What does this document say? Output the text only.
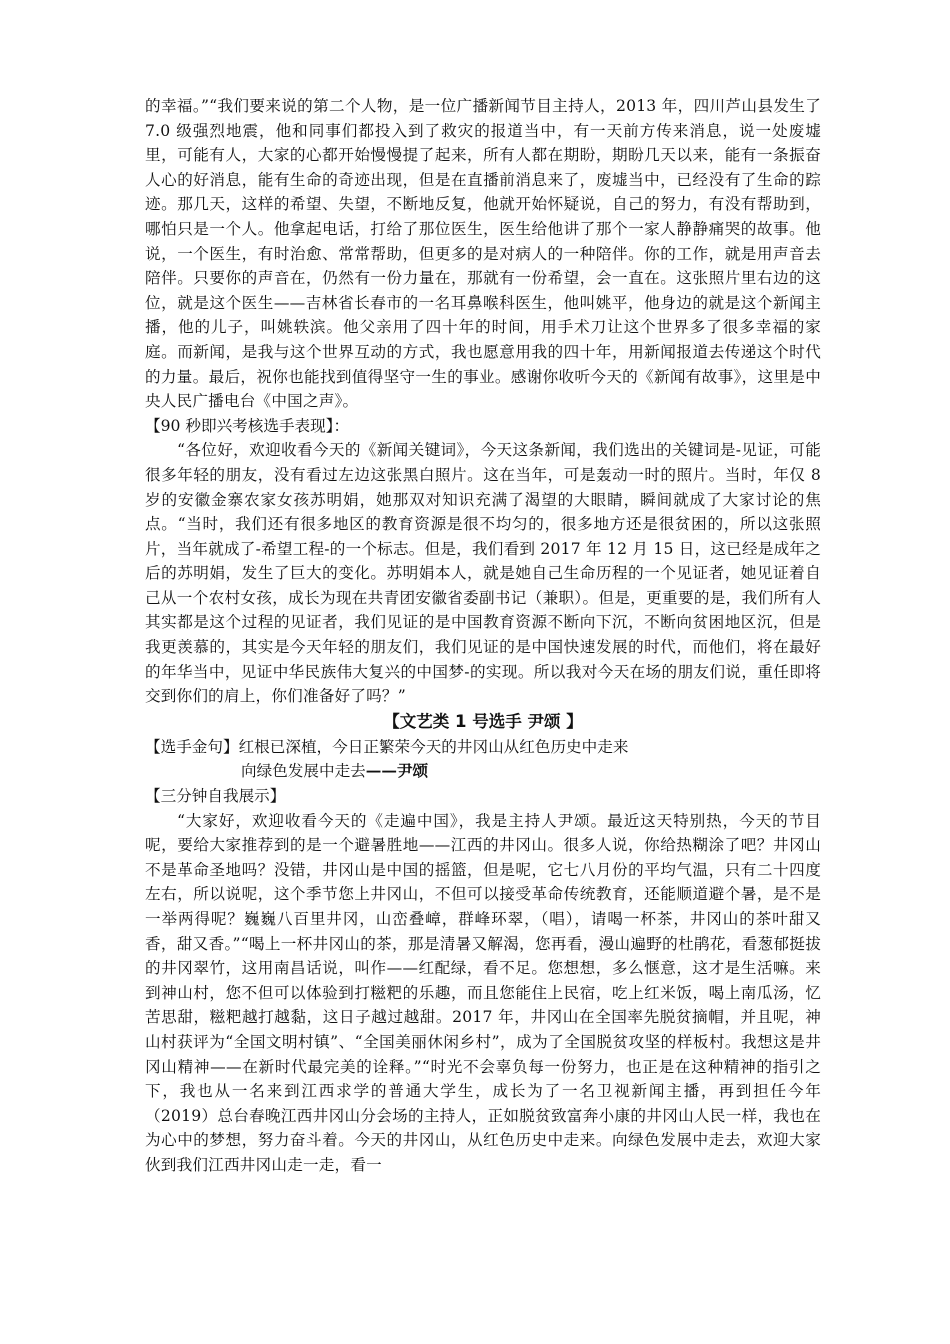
的幸福。”“我们要来说的第二个人物，是一位广播新闻节目主持人，2013 年，四川芦山县发生了 7.0 级强烈地震，他和同事们都投入到了救灾的报道当中，有一天前方传来消息，说一处废墟里，可能有人，大家的心都开始慢慢提了起来，所有人都在期盼，期盼几天以来，能有一条振奋人心的好消息，能有生命的奇迹出现，但是在直播前消息来了，废墟当中，已经没有了生命的踪迹。那几天，这样的希望、失望，不断地反复，他就开始怀疑说，自己的努力，有没有帮助到，哪怕只是一个人。他拿起电话，打给了那位医生，医生给他讲了那个一家人静静痛哭的故事。他说，一个医生，有时治愈、常常帮助，但更多的是对病人的一种陪伴。你的工作，就是用声音去陪伴。只要你的声音在，仍然有一份力量在，那就有一份希望，会一直在。这张照片里右边的这位，就是这个医生——吉林省长春市的一名耳鼻喉科医生，他叫姚平，他身边的就是这个新闻主播，他的儿子，叫姚轶滨。他父亲用了四十年的时间，用手术刀让这个世界多了很多幸福的家庭。而新闻，是我与这个世界互动的方式，我也愿意用我的四十年，用新闻报道去传递这个时代的力量。最后，祝你也能找到值得坚守一生的事业。感谢你收听今天的《新闻有故事》，这里是中央人民广播电台《中国之声》。

【90 秒即兴考核选手表现】：

“各位好，欢迎收看今天的《新闻关键词》，今天这条新闻，我们选出的关键词是-见证，可能很多年轻的朋友，没有看过左边这张黑白照片。这在当年，可是轰动一时的照片。当时，年仅 8 岁的安徽金寨农家女孩苏明娟，她那双对知识充满了渴望的大眼睛，瞬间就成了大家讨论的焦点。“当时，我们还有很多地区的教育资源是很不均匀的，很多地方还是很贫困的，所以这张照片，当年就成了-希望工程-的一个标志。但是，我们看到 2017 年 12 月 15 日，这已经是成年之后的苏明娟，发生了巨大的变化。苏明娟本人，就是她自己生命历程的一个见证者，她见证着自己从一个农村女孩，成长为现在共青团安徽省委副书记（兼职）。但是，更重要的是，我们所有人其实都是这个过程的见证者，我们见证的是中国教育资源不断向下沉，不断向贫困地区沉，但是我更羡慕的，其实是今天年轻的朋友们，我们见证的是中国快速发展的时代，而他们，将在最好的年华当中，见证中华民族伟大复兴的中国梦-的实现。所以我对今天在场的朋友们说，重任即将交到你们的肩上，你们准备好了吗？”

【文艺类 1 号选手 尹颂 】

【选手金句】红根已深植，今日正繁荣今天的井冈山从红色历史中走来

向绿色发展中走去——尹颂

【三分钟自我展示】

“大家好，欢迎收看今天的《走遍中国》，我是主持人尹颂。最近这天特别热，今天的节目呢，要给大家推荐到的是一个避暑胜地——江西的井冈山。很多人说，你给热糊涂了吧？井冈山不是革命圣地吗？没错，井冈山是中国的摇篮，但是呢，它七八月份的平均气温，只有二十四度左右，所以说呢，这个季节您上井冈山，不但可以接受革命传统教育，还能顺道避个暑，是不是一举两得呢？巍巍八百里井冈，山峦叠嶂，群峰环翠，（唱），请喝一杯茶，井冈山的茶叶甜又香，甜又香。”“喝上一杯井冈山的茶，那是清暑又解渴，您再看，漫山遍野的杜鹃花，看葱郁挺拔的井冈翠竹，这用南昌话说，叫作——红配绿，看不足。您想想，多么惬意，这才是生活嘛。来到神山村，您不但可以体验到打糍粑的乐趣，而且您能住上民宿，吃上红米饭，喝上南瓜汤，忆苦思甜，糍粑越打越黏，这日子越过越甜。2017 年，井冈山在全国率先脱贫摘帽，并且呢，神山村获评为“全国文明村镇”、“全国美丽休闲乡村”，成为了全国脱贫攻坚的样板村。我想这是井冈山精神——在新时代最完美的诠释。”“时光不会辜负每一份努力，也正是在这种精神的指引之下，我也从一名来到江西求学的普通大学生，成长为了一名卫视新闻主播，再到担任今年（2019）总台春晚江西井冈山分会场的主持人，正如脱贫致富奔小康的井冈山人民一样，我也在为心中的梦想，努力奋斗着。今天的井冈山，从红色历史中走来。向绿色发展中走去，欢迎大家伙到我们江西井冈山走一走，看一
